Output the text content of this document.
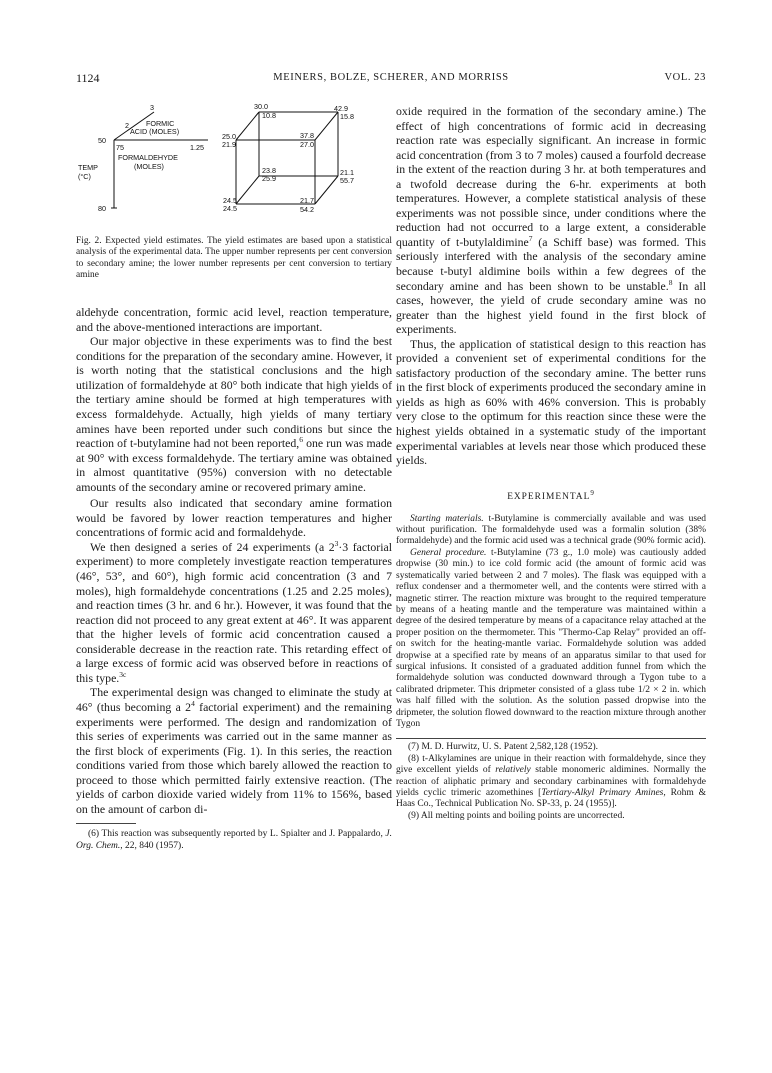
1124	MEINERS, BOLZE, SCHERER, AND MORRISS	VOL. 23
3
2
50
FORMIC
ACID (MOLES)
75	1.25
FORMALDEHYDE
(MOLES)
TEMP
(°C)
80
30.0
10.8
42.9
15.8
25.0
21.9
37.8
27.0
23.8
25.9
21.1
55.7
24.5
24.5
21.7
54.2

Fig. 2. Expected yield estimates. The yield estimates are based upon a statistical analysis of the experimental data. The upper number represents per cent conversion to secondary amine; the lower number represents per cent conversion to tertiary amine

aldehyde concentration, formic acid level, reaction temperature, and the above-mentioned interactions are important.

Our major objective in these experiments was to find the best conditions for the preparation of the secondary amine. However, it is worth noting that the statistical conclusions and the high utilization of formaldehyde at 80° both indicate that high yields of the tertiary amine should be formed at high temperatures with excess formaldehyde. Actually, high yields of many tertiary amines have been reported under such conditions but since the reaction of t-butylamine had not been reported,$^6$ one run was made at 90° with excess formaldehyde. The tertiary amine was obtained in almost quantitative (95%) conversion with no detectable amounts of the secondary amine or recovered primary amine.

Our results also indicated that secondary amine formation would be favored by lower reaction temperatures and higher concentrations of formic acid and formaldehyde.

We then designed a series of 24 experiments (a $2^3\cdot 3$ factorial experiment) to more completely investigate reaction temperatures (46°, 53°, and 60°), high formic acid concentration (3 and 7 moles), high formaldehyde concentrations (1.25 and 2.25 moles), and reaction times (3 hr. and 6 hr.). However, it was found that the reaction did not proceed to any great extent at 46°. It was apparent that the higher levels of formic acid concentration caused a considerable decrease in the reaction rate. This retarding effect of a large excess of formic acid was observed before in reactions of this type.$^{3c}$

The experimental design was changed to eliminate the study at 46° (thus becoming a $2^4$ factorial experiment) and the remaining experiments were performed. The design and randomization of this series of experiments was carried out in the same manner as the first block of experiments (Fig. 1). In this series, the reaction conditions varied from those which barely allowed the reaction to proceed to those which permitted fairly extensive reaction. (The yields of carbon dioxide varied widely from 11% to 156%, based on the amount of carbon di-

(6) This reaction was subsequently reported by L. Spialter and J. Pappalardo, J. Org. Chem., 22, 840 (1957).

oxide required in the formation of the secondary amine.) The effect of high concentrations of formic acid in decreasing reaction rate was especially significant. An increase in formic acid concentration (from 3 to 7 moles) caused a fourfold decrease in the extent of the reaction during 3 hr. at both temperatures and a twofold decrease during the 6-hr. experiments at both temperatures. However, a complete statistical analysis of these experiments was not possible since, under conditions where the reduction had not occurred to a large extent, a considerable quantity of t-butylaldimine$^7$ (a Schiff base) was formed. This seriously interfered with the analysis of the secondary amine because t-butyl aldimine boils within a few degrees of the secondary amine and has been shown to be unstable.$^8$ In all cases, however, the yield of crude secondary amine was no greater than the highest yield found in the first block of experiments.

Thus, the application of statistical design to this reaction has provided a convenient set of experimental conditions for the satisfactory production of the secondary amine. The better runs in the first block of experiments produced the secondary amine in yields as high as 60% with 46% conversion. This is probably very close to the optimum for this reaction since these were the highest yields obtained in a systematic study of the important experimental variables at levels near those which produced these yields.

EXPERIMENTAL$^9$

Starting materials. t-Butylamine is commercially available and was used without purification. The formaldehyde used was a formalin solution (38% formaldehyde) and the formic acid used was a technical grade (90% formic acid).

General procedure. t-Butylamine (73 g., 1.0 mole) was cautiously added dropwise (30 min.) to ice cold formic acid (the amount of formic acid was systematically varied between 2 and 7 moles). The flask was equipped with a reflux condenser and a thermometer well, and the contents were stirred with a magnetic stirrer. The reaction mixture was brought to the required temperature by means of a heating mantle and the temperature was maintained within a degree of the desired temperature by means of a capacitance relay attached at the proper position on the thermometer. This "Thermo-Cap Relay" provided an off-on switch for the heating-mantle variac. Formaldehyde solution was added dropwise at a specified rate by means of an apparatus similar to that used for surgical infusions. It consisted of a graduated addition funnel from which the formaldehyde solution was conducted downward through a Tygon tube to a calibrated dripmeter. This dripmeter consisted of a glass tube 1/2 × 2 in. which was half filled with the solution. As the solution passed dropwise into the dripmeter, the solution flowed downward to the reaction mixture through another Tygon

(7) M. D. Hurwitz, U. S. Patent 2,582,128 (1952).

(8) t-Alkylamines are unique in their reaction with formaldehyde, since they give excellent yields of relatively stable monomeric aldimines. Normally the reaction of aliphatic primary and secondary carbinamines with formaldehyde yields cyclic trimeric azomethines [Tertiary-Alkyl Primary Amines, Rohm & Haas Co., Technical Publication No. SP-33, p. 24 (1955)].

(9) All melting points and boiling points are uncorrected.
